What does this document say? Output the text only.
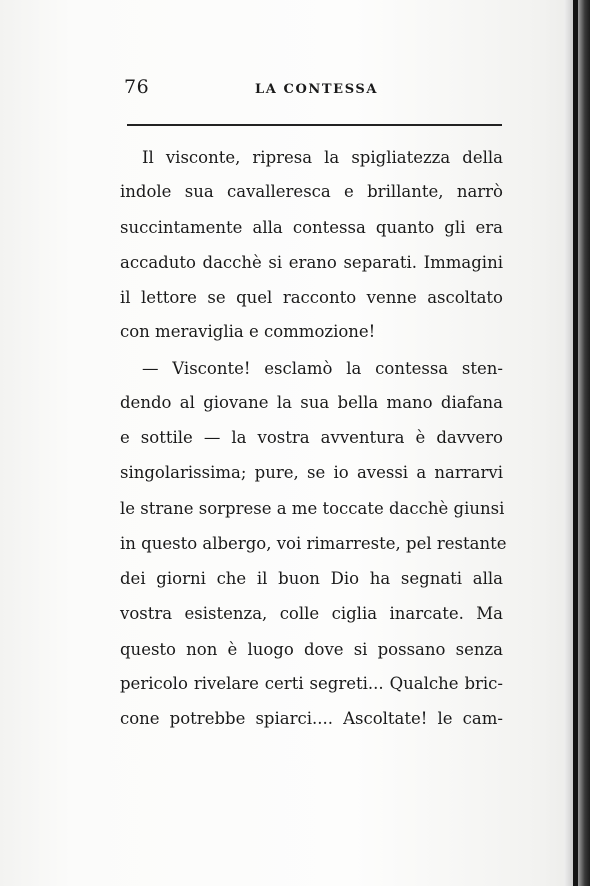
76	LA CONTESSA
Il visconte, ripresa la spigliatezza della
indole sua cavalleresca e brillante, narrò
succintamente alla contessa quanto gli era
accaduto dacchè si erano separati. Immagini
il lettore se quel racconto venne ascoltato
con meraviglia e commozione!
— Visconte! esclamò la contessa sten-
dendo al giovane la sua bella mano diafana
e sottile — la vostra avventura è davvero
singolarissima; pure, se io avessi a narrarvi
le strane sorprese a me toccate dacchè giunsi
in questo albergo, voi rimarreste, pel restante
dei giorni che il buon Dio ha segnati alla
vostra esistenza, colle ciglia inarcate. Ma
questo non è luogo dove si possano senza
pericolo rivelare certi segreti... Qualche bric-
cone potrebbe spiarci.... Ascoltate! le cam-
